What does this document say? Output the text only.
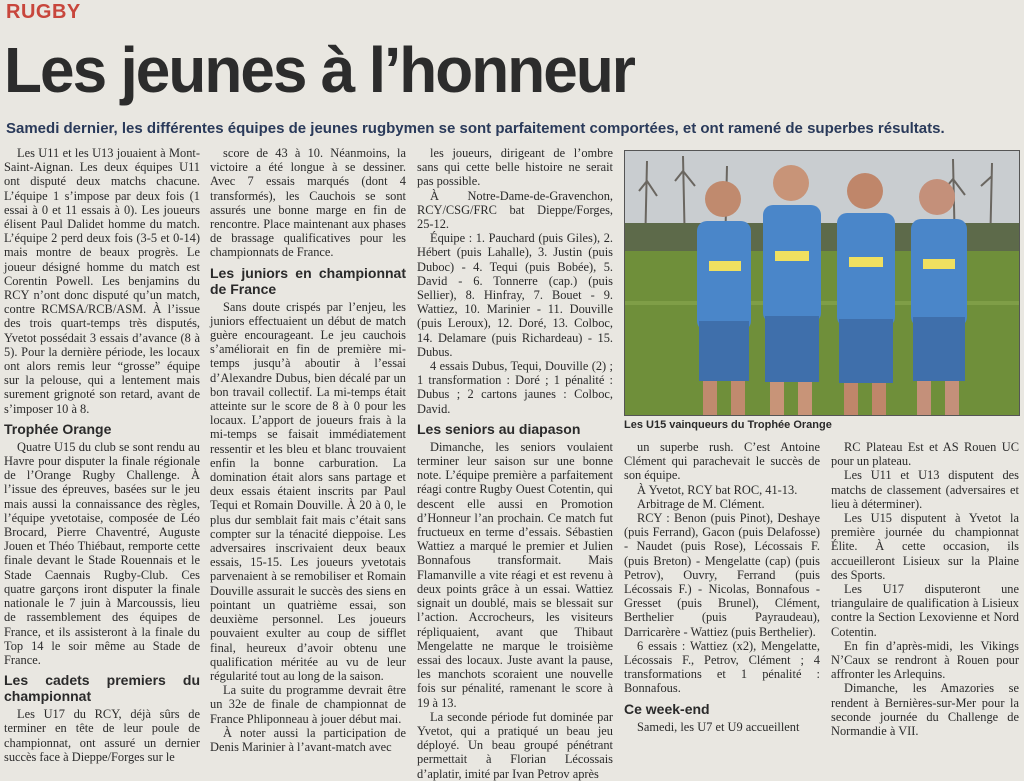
RUGBY
Les jeunes à l’honneur

Samedi dernier, les différentes équipes de jeunes rugbymen se sont parfaitement comportées, et ont ramené de superbes résultats.

Les U11 et les U13 jouaient à Mont-Saint-Aignan. Les deux équipes U11 ont disputé deux matchs chacune. L’équipe 1 s’impose par deux fois (1 essai à 0 et 11 essais à 0). Les joueurs élisent Paul Dalidet homme du match. L’équipe 2 perd deux fois (3-5 et 0-14) mais montre de beaux progrès. Le joueur désigné homme du match est Corentin Powell. Les benjamins du RCY n’ont donc disputé qu’un match, contre RCMSA/RCB/ASM. À l’issue des trois quart-temps très disputés, Yvetot possédait 3 essais d’avance (8 à 5). Pour la dernière période, les locaux ont alors remis leur “grosse” équipe sur la pelouse, qui a lentement mais surement grignoté son retard, avant de s’imposer 10 à 8.

Trophée Orange

Quatre U15 du club se sont rendu au Havre pour disputer la finale régionale de l’Orange Rugby Challenge. À l’issue des épreuves, basées sur le jeu mais aussi la connaissance des règles, l’équipe yvetotaise, composée de Léo Brocard, Pierre Chaventré, Auguste Jouen et Théo Thiébaut, remporte cette finale devant le Stade Rouennais et le Stade Caennais Rugby-Club. Ces quatre garçons iront disputer la finale nationale le 7 juin à Marcoussis, lieu de rassemblement des équipes de France, et ils assisteront à la finale du Top 14 le soir même au Stade de France.

Les cadets premiers du championnat

Les U17 du RCY, déjà sûrs de terminer en tête de leur poule de championnat, ont assuré un dernier succès face à Dieppe/Forges sur le

score de 43 à 10. Néanmoins, la victoire a été longue à se dessiner. Avec 7 essais marqués (dont 4 transformés), les Cauchois se sont assurés une bonne marge en fin de rencontre. Place maintenant aux phases de brassage qualificatives pour les championnats de France.

Les juniors en championnat de France

Sans doute crispés par l’enjeu, les juniors effectuaient un début de match guère encourageant. Le jeu cauchois s’améliorait en fin de première mi-temps jusqu’à aboutir à l’essai d’Alexandre Dubus, bien décalé par un bon travail collectif. La mi-temps était atteinte sur le score de 8 à 0 pour les locaux. L’apport de joueurs frais à la mi-temps se faisait immédiatement ressentir et les bleu et blanc trouvaient enfin la bonne carburation. La domination était alors sans partage et deux essais étaient inscrits par Paul Tequi et Romain Douville. À 20 à 0, le plus dur semblait fait mais c’était sans compter sur la ténacité dieppoise. Les adversaires inscrivaient deux beaux essais, 15-15. Les joueurs yvetotais parvenaient à se remobiliser et Romain Douville assurait le succès des siens en pointant un quatrième essai, son deuxième personnel. Les joueurs pouvaient exulter au coup de sifflet final, heureux d’avoir obtenu une qualification méritée au vu de leur régularité tout au long de la saison.

La suite du programme devrait être un 32e de finale de championnat de France Phliponneau à jouer début mai.

À noter aussi la participation de Denis Marinier à l’avant-match avec

les joueurs, dirigeant de l’ombre sans qui cette belle histoire ne serait pas possible.

À Notre-Dame-de-Gravenchon, RCY/CSG/FRC bat Dieppe/Forges, 25-12.

Équipe : 1. Pauchard (puis Giles), 2. Hébert (puis Lahalle), 3. Justin (puis Duboc) - 4. Tequi (puis Bobée), 5. David - 6. Tonnerre (cap.) (puis Sellier), 8. Hinfray, 7. Bouet - 9. Wattiez, 10. Marinier - 11. Douville (puis Leroux), 12. Doré, 13. Colboc, 14. Delamare (puis Richardeau) - 15. Dubus.

4 essais Dubus, Tequi, Douville (2) ; 1 transformation : Doré ; 1 pénalité : Dubus ; 2 cartons jaunes : Colboc, David.

Les seniors au diapason

Dimanche, les seniors voulaient terminer leur saison sur une bonne note. L’équipe première a parfaitement réagi contre Rugby Ouest Cotentin, qui descent elle aussi en Promotion d’Honneur l’an prochain. Ce match fut fructueux en terme d’essais. Sébastien Wattiez a marqué le premier et Julien Bonnafous transformait. Mais Flamanville a vite réagi et est revenu à deux points grâce à un essai. Wattiez signait un doublé, mais se blessait sur l’action. Accrocheurs, les visiteurs répliquaient, avant que Thibaut Mengelatte ne marque le troisième essai des locaux. Juste avant la pause, les manchots scoraient une nouvelle fois sur pénalité, ramenant le score à 19 à 13.

La seconde période fut dominée par Yvetot, qui a pratiqué un beau jeu déployé. Un beau groupé pénétrant permettait à Florian Lécossais d’aplatir, imité par Ivan Petrov après

Les U15 vainqueurs du Trophée Orange

un superbe rush. C’est Antoine Clément qui parachevait le succès de son équipe.

À Yvetot, RCY bat ROC, 41-13.

Arbitrage de M. Clément.

RCY : Benon (puis Pinot), Deshaye (puis Ferrand), Gacon (puis Delafosse) - Naudet (puis Rose), Lécossais F. (puis Breton) - Mengelatte (cap) (puis Petrov), Ouvry, Ferrand (puis Lécossais F.) - Nicolas, Bonnafous - Gresset (puis Brunel), Clément, Berthelier (puis Payraudeau), Darricarère - Wattiez (puis Berthelier).

6 essais : Wattiez (x2), Mengelatte, Lécossais F., Petrov, Clément ; 4 transformations et 1 pénalité : Bonnafous.

Ce week-end

Samedi, les U7 et U9 accueillent

RC Plateau Est et AS Rouen UC pour un plateau.

Les U11 et U13 disputent des matchs de classement (adversaires et lieu à déterminer).

Les U15 disputent à Yvetot la première journée du championnat Élite. À cette occasion, ils accueilleront Lisieux sur la Plaine des Sports.

Les U17 disputeront une triangulaire de qualification à Lisieux contre la Section Lexovienne et Nord Cotentin.

En fin d’après-midi, les Vikings N’Caux se rendront à Rouen pour affronter les Arlequins.

Dimanche, les Amazories se rendent à Bernières-sur-Mer pour la seconde journée du Challenge de Normandie à VII.
